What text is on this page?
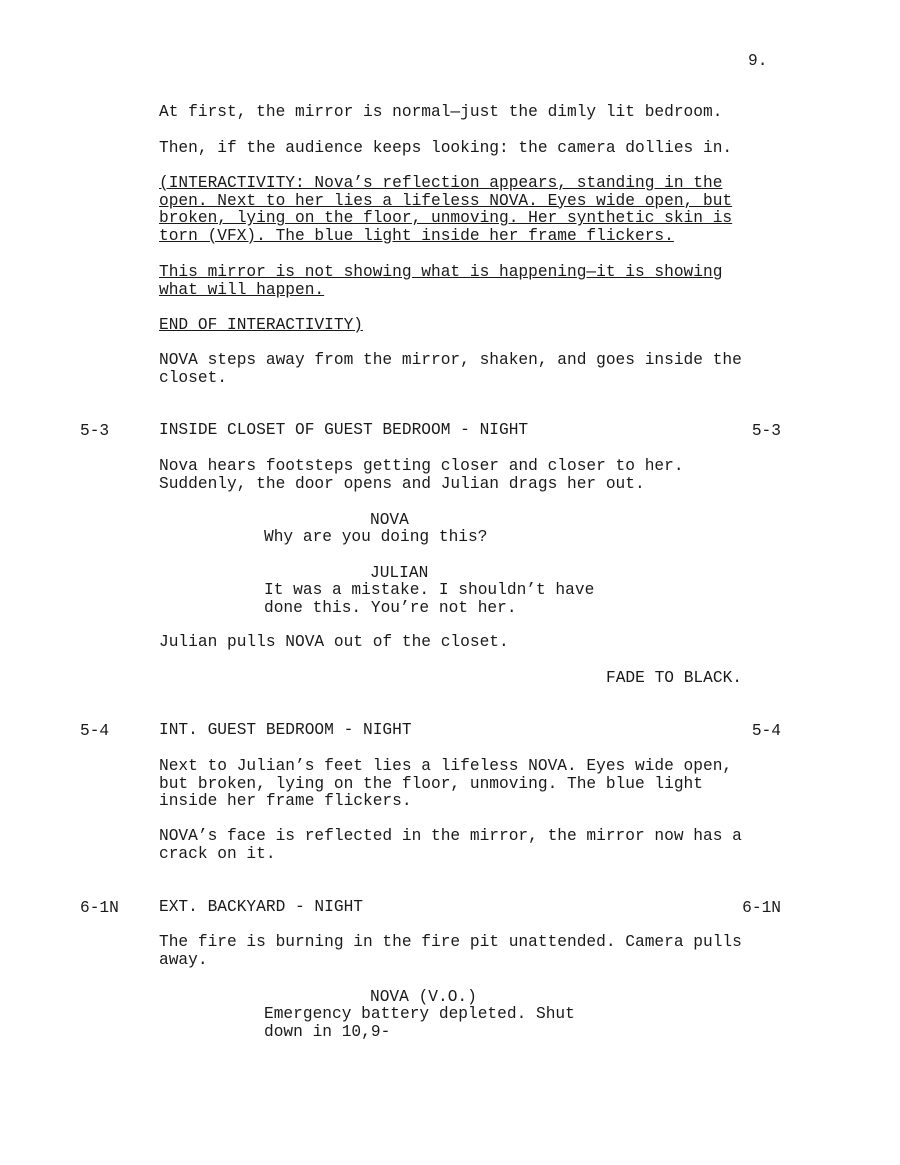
9.
At first, the mirror is normal—just the dimly lit bedroom.
Then, if the audience keeps looking: the camera dollies in.
(INTERACTIVITY: Nova’s reflection appears, standing in the
open. Next to her lies a lifeless NOVA. Eyes wide open, but
broken, lying on the floor, unmoving. Her synthetic skin is
torn (VFX). The blue light inside her frame flickers.
This mirror is not showing what is happening—it is showing
what will happen.
END OF INTERACTIVITY)
NOVA steps away from the mirror, shaken, and goes inside the
closet.
5-3	INSIDE CLOSET OF GUEST BEDROOM - NIGHT	5-3
Nova hears footsteps getting closer and closer to her.
Suddenly, the door opens and Julian drags her out.
NOVA
Why are you doing this?
JULIAN
It was a mistake. I shouldn’t have
done this. You’re not her.
Julian pulls NOVA out of the closet.
FADE TO BLACK.
5-4	INT. GUEST BEDROOM - NIGHT	5-4
Next to Julian’s feet lies a lifeless NOVA. Eyes wide open,
but broken, lying on the floor, unmoving. The blue light
inside her frame flickers.
NOVA’s face is reflected in the mirror, the mirror now has a
crack on it.
6-1N EXT. BACKYARD - NIGHT	6-1N
The fire is burning in the fire pit unattended. Camera pulls
away.
NOVA (V.O.)
Emergency battery depleted. Shut
down in 10,9-
